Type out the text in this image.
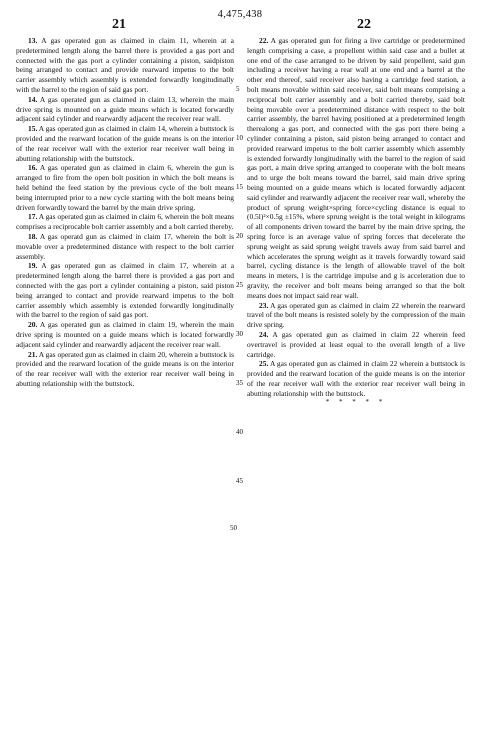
4,475,438
21	22

13. A gas operated gun as claimed in claim 11, wherein at a predetermined length along the barrel there is provided a gas port and connected with the gas port a cylinder containing a piston, saidpiston being arranged to contact and provide rearward impetus to the bolt carrier assembly which assembly is extended forwardly longitudinally with the barrel to the region of said gas port.

14. A gas operated gun as claimed in claim 13, wherein the main drive spring is mounted on a guide means which is located forwardly adjacent said cylinder and rearwardly adjacent the receiver rear wall.

15. A gas operated gun as claimed in claim 14, wherein a buttstock is provided and the rearward location of the guide means is on the interior of the rear receiver wall with the exterior rear receiver wall being in abutting relationship with the buttstock.

16. A gas operated gun as claimed in claim 6, wherein the gun is arranged to fire from the open bolt position in which the bolt means is held behind the feed station by the previous cycle of the bolt means being interrupted prior to a new cycle starting with the bolt means being driven forwardly toward the barrel by the main drive spring.

17. A gas operated gun as claimed in claim 6, wherein the bolt means comprises a reciprocable bolt carrier assembly and a bolt carried thereby.

18. A gas operatd gun as claimed in claim 17, wherein the bolt is movable over a predetermined distance with respect to the bolt carrier assembly.

19. A gas operated gun as claimed in claim 17, wherein at a predetermined length along the barrel there is provided a gas port and connected with the gas port a cylinder containing a piston, said piston being arranged to contact and provide rearward impetus to the bolt carrier assembly which assembly is extended forwardly longitudinally with the barrel to the region of said gas port.

20. A gas operated gun as claimed in claim 19, wherein the main drive spring is mounted on a guide means which is located forwardly adjacent said cylinder and rearwardly adjacent the receiver rear wall.

21. A gas operated gun as claimed in claim 20, wherein a buttstock is provided and the rearward location of the guide means is on the interior of the rear receiver wall with the exterior rear receiver wall being in abutting relationship with the buttstock.

22. A gas operated gun for firing a live cartridge or predetermined length comprising a case, a propellent within said case and a bullet at one end of the case arranged to be driven by said propellent, said gun including a receiver having a rear wall at one end and a barrel at the other end thereof, said receiver also having a cartridge feed station, a bolt means movable within said receiver, said bolt means comprising a reciprocal bolt carrier assembly and a bolt carried thereby, said bolt being movable over a predetermined distance with respect to the bolt carrier assembly, the barrel having positioned at a predetermined length therealong a gas port, and connected with the gas port there being a cylinder containing a piston, said piston being arranged to contact and provided rearward impetus to the bolt carrier assembly which assembly is extended forwardly longitudinally with the barrel to the region of said gas port, a main drive spring arranged to cooperate with the bolt means and to urge the bolt means toward the barrel, said main drive spring being mounted on a guide means which is located forwardly adjacent said cylinder and rearwardly adjacent the receiver rear wall, whereby the product of sprung weight×spring force×cycling distance is equal to (0.5l)²×0.5g ±15%, where sprung weight is the total weight in kilograms of all components driven toward the barrel by the main drive spring, the spring force is an average value of spring forces that decelerate the sprung weight as said sprung weight travels away from said barrel and which accelerates the sprung weight as it travels forwardly toward said barrel, cycling distance is the length of allowable travel of the bolt means in meters, l is the cartridge impulse and g is acceleration due to gravity, the receiver and bolt means being arranged so that the bolt means does not impact said rear wall.

23. A gas operated gun as claimed in claim 22 wherein the rearward travel of the bolt means is resisted solely by the compression of the main drive spring.

24. A gas operated gun as claimed in claim 22 wherein feed overtravel is provided at least equal to the overall length of a live cartridge.

25. A gas operated gun as claimed in claim 22 wherein a buttstock is provided and the rearward location of the guide means is on the interior of the rear receiver wall with the exterior rear receiver wall being in abutting relationship with the buttstock.

* * * * *
5
10
15
20
25
30
35
40
45
50
